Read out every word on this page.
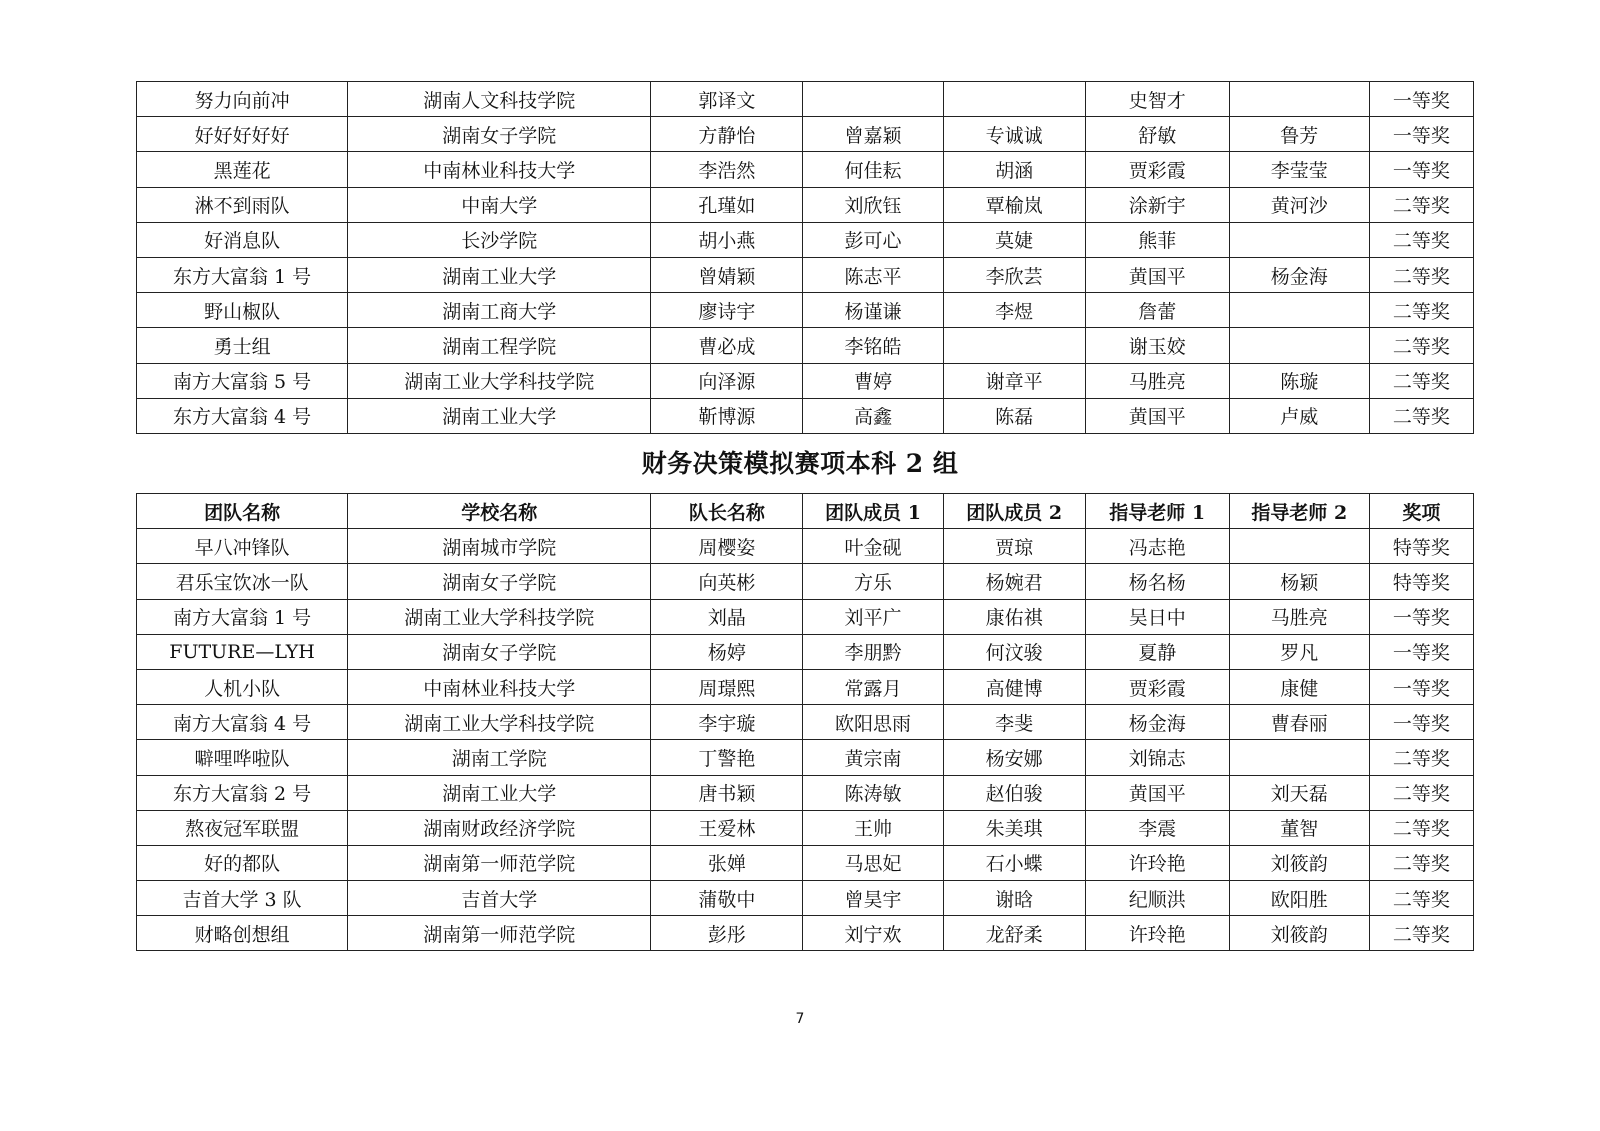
努力向前冲	湖南人文科技学院	郭译文			史智才		一等奖
好好好好好	湖南女子学院	方静怡	曾嘉颖	专诚诚	舒敏	鲁芳	一等奖
黑莲花	中南林业科技大学	李浩然	何佳耘	胡涵	贾彩霞	李莹莹	一等奖
淋不到雨队	中南大学	孔瑾如	刘欣钰	覃榆岚	涂新宇	黄河沙	二等奖
好消息队	长沙学院	胡小燕	彭可心	莫婕	熊菲		二等奖
东方大富翁 1 号	湖南工业大学	曾婧颖	陈志平	李欣芸	黄国平	杨金海	二等奖
野山椒队	湖南工商大学	廖诗宇	杨谨谦	李煜	詹蕾		二等奖
勇士组	湖南工程学院	曹必成	李铭皓		谢玉姣		二等奖
南方大富翁 5 号	湖南工业大学科技学院	向泽源	曹婷	谢章平	马胜亮	陈璇	二等奖
东方大富翁 4 号	湖南工业大学	靳博源	高鑫	陈磊	黄国平	卢威	二等奖
财务决策模拟赛项本科 2 组
团队名称	学校名称	队长名称	团队成员 1	团队成员 2	指导老师 1	指导老师 2	奖项
早八冲锋队	湖南城市学院	周樱姿	叶金砚	贾琼	冯志艳		特等奖
君乐宝饮冰一队	湖南女子学院	向英彬	方乐	杨婉君	杨名杨	杨颖	特等奖
南方大富翁 1 号	湖南工业大学科技学院	刘晶	刘平广	康佑祺	吴日中	马胜亮	一等奖
FUTURE—LYH	湖南女子学院	杨婷	李朋黔	何汶骏	夏静	罗凡	一等奖
人机小队	中南林业科技大学	周璟熙	常露月	高健博	贾彩霞	康健	一等奖
南方大富翁 4 号	湖南工业大学科技学院	李宇璇	欧阳思雨	李斐	杨金海	曹春丽	一等奖
噼哩哗啦队	湖南工学院	丁警艳	黄宗南	杨安娜	刘锦志		二等奖
东方大富翁 2 号	湖南工业大学	唐书颖	陈涛敏	赵伯骏	黄国平	刘天磊	二等奖
熬夜冠军联盟	湖南财政经济学院	王爱林	王帅	朱美琪	李震	董智	二等奖
好的都队	湖南第一师范学院	张婵	马思妃	石小蝶	许玲艳	刘筱韵	二等奖
吉首大学 3 队	吉首大学	蒲敬中	曾昊宇	谢晗	纪顺洪	欧阳胜	二等奖
财略创想组	湖南第一师范学院	彭彤	刘宁欢	龙舒柔	许玲艳	刘筱韵	二等奖
7
